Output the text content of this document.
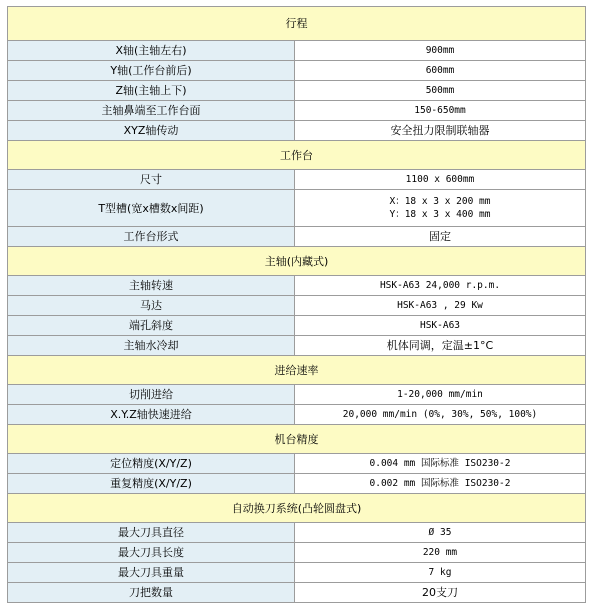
行程	
X轴(主轴左右)	900mm
Y轴(工作台前后)	600mm
Z轴(主轴上下)	500mm
主轴鼻端至工作台面	150-650mm
XYZ轴传动	安全扭力限制联轴器
工作台	
尺寸	1100 x 600mm
T型槽(宽x槽数x间距)	X：18 x 3 x 200 mm
Y：18 x 3 x 400 mm

工作台形式	固定
主轴(内藏式)	
主轴转速	HSK-A63 24,000 r.p.m.
马达	HSK-A63 , 29 Kw
端孔斜度	HSK-A63
主轴水冷却	机体同调，定温±1°C
进给速率	
切削进给	1-20,000 mm/min
X.Y.Z轴快速进给	20,000 mm/min (0%, 30%, 50%, 100%)
机台精度	
定位精度(X/Y/Z)	0.004 mm 国际标准 ISO230-2
重复精度(X/Y/Z)	0.002 mm 国际标准 ISO230-2
自动换刀系统(凸轮圆盘式)	
最大刀具直径	Ø 35
最大刀具长度	220 mm
最大刀具重量	7 kg
刀把数量	20支刀
